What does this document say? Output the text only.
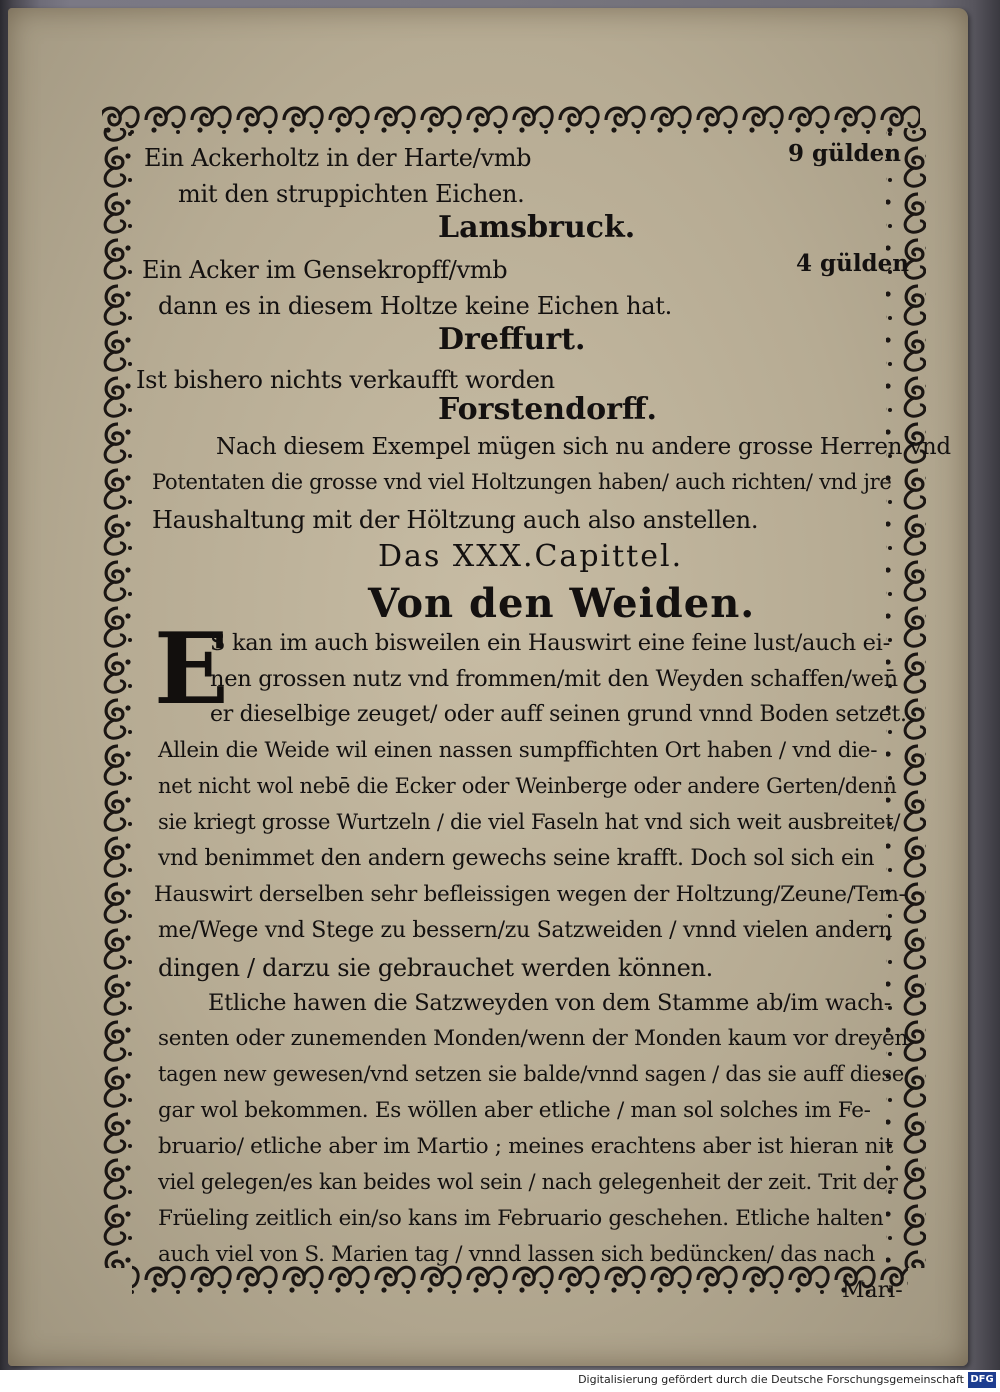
Ein Ackerholtz in der Harte/vmb	9 gülden
mit den struppichten Eichen.
Lamsbruck.
Ein Acker im Gensekropff/vmb	4 gülden
dann es in diesem Holtze keine Eichen hat.
Dreffurt.
Ist bishero nichts verkaufft worden
Forstendorff.
Nach diesem Exempel mügen sich nu andere grosse Herren vnd
Potentaten die grosse vnd viel Holtzungen haben/ auch richten/ vnd jre
Haushaltung mit der Höltzung auch also anstellen.
Das XXX.Capittel.
Von den Weiden.
E
S kan im auch bisweilen ein Hauswirt eine feine lust/auch ei-
nen grossen nutz vnd frommen/mit den Weyden schaffen/wen̄
er dieselbige zeuget/ oder auff seinen grund vnnd Boden setzet.
Allein die Weide wil einen nassen sumpffichten Ort haben / vnd die-
net nicht wol nebē die Ecker oder Weinberge oder andere Gerten/denn
sie kriegt grosse Wurtzeln / die viel Faseln hat vnd sich weit ausbreitet/
vnd benimmet den andern gewechs seine krafft. Doch sol sich ein
Hauswirt derselben sehr befleissigen wegen der Holtzung/Zeune/Tem-
me/Wege vnd Stege zu bessern/zu Satzweiden / vnnd vielen andern
dingen / darzu sie gebrauchet werden können.
Etliche hawen die Satzweyden von dem Stamme ab/im wach-
senten oder zunemenden Monden/wenn der Monden kaum vor dreyen
tagen new gewesen/vnd setzen sie balde/vnnd sagen / das sie auff diese
gar wol bekommen. Es wöllen aber etliche / man sol solches im Fe-
bruario/ etliche aber im Martio ; meines erachtens aber ist hieran nit
viel gelegen/es kan beides wol sein / nach gelegenheit der zeit. Trit der
Früeling zeitlich ein/so kans im Februario geschehen. Etliche halten
auch viel von S. Marien tag / vnnd lassen sich bedüncken/ das nach
Mari-
Digitalisierung gefördert durch die Deutsche Forschungsgemeinschaft DFG
